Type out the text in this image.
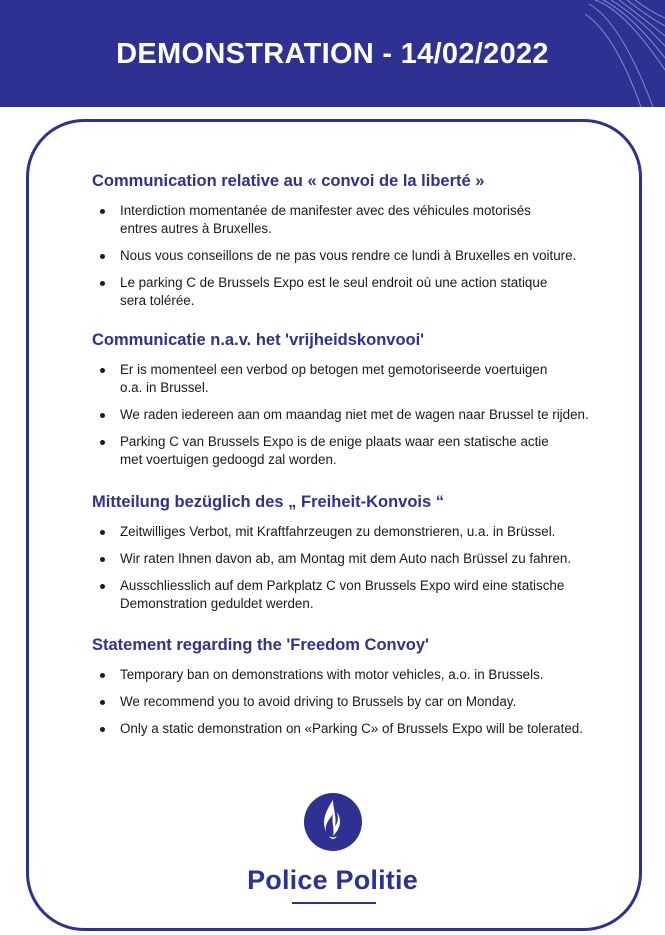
DEMONSTRATION - 14/02/2022
Communication relative au « convoi de la liberté »
Interdiction momentanée de manifester avec des véhicules motorisés
entres autres à Bruxelles.
Nous vous conseillons de ne pas vous rendre ce lundi à Bruxelles en voiture.
Le parking C de Brussels Expo est le seul endroit où une action statique
sera tolérée.
Communicatie n.a.v. het 'vrijheidskonvooi'
Er is momenteel een verbod op betogen met gemotoriseerde voertuigen
o.a. in Brussel.
We raden iedereen aan om maandag niet met de wagen naar Brussel te rijden.
Parking C van Brussels Expo is de enige plaats waar een statische actie
met voertuigen gedoogd zal worden.
Mitteilung bezüglich des „ Freiheit-Konvois “
Zeitwilliges Verbot, mit Kraftfahrzeugen zu demonstrieren, u.a. in Brüssel.
Wir raten Ihnen davon ab, am Montag mit dem Auto nach Brüssel zu fahren.
Ausschliesslich auf dem Parkplatz C von Brussels Expo wird eine statische
Demonstration geduldet werden.
Statement regarding the 'Freedom Convoy'
Temporary ban on demonstrations with motor vehicles, a.o. in Brussels.
We recommend you to avoid driving to Brussels by car on Monday.
Only a static demonstration on «Parking C» of Brussels Expo will be tolerated.
Police Politie
